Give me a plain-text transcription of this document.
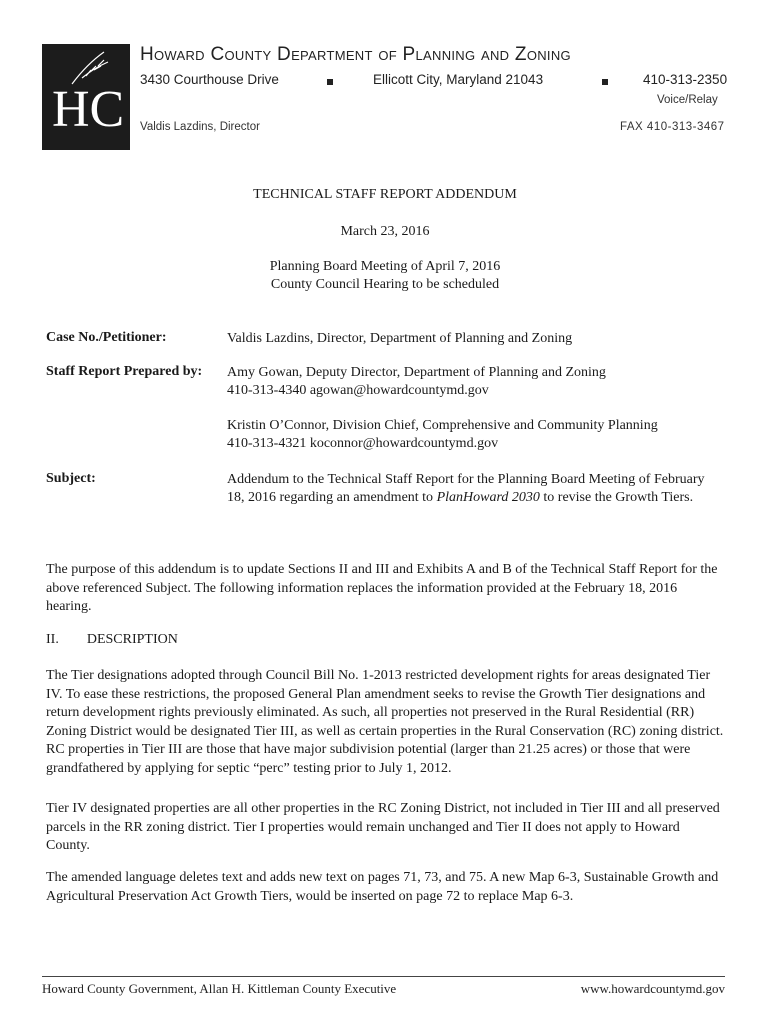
HC
Howard County Department of Planning and Zoning
3430 Courthouse Drive	Ellicott City, Maryland 21043	410-313-2350
Voice/Relay
Valdis Lazdins, Director	FAX 410-313-3467
TECHNICAL STAFF REPORT ADDENDUM
March 23, 2016
Planning Board Meeting of April 7, 2016
County Council Hearing to be scheduled
Case No./Petitioner:	Valdis Lazdins, Director, Department of Planning and Zoning
Staff Report Prepared by: Amy Gowan, Deputy Director, Department of Planning and Zoning
410-313-4340 agowan@howardcountymd.gov
Kristin O’Connor, Division Chief, Comprehensive and Community Planning
410-313-4321 koconnor@howardcountymd.gov
Subject:	Addendum to the Technical Staff Report for the Planning Board Meeting of February 18, 2016 regarding an amendment to PlanHoward 2030 to revise the Growth Tiers.
The purpose of this addendum is to update Sections II and III and Exhibits A and B of the Technical Staff Report for the above referenced Subject. The following information replaces the information provided at the February 18, 2016 hearing.
II. DESCRIPTION
The Tier designations adopted through Council Bill No. 1-2013 restricted development rights for areas designated Tier IV. To ease these restrictions, the proposed General Plan amendment seeks to revise the Growth Tier designations and return development rights previously eliminated. As such, all properties not preserved in the Rural Residential (RR) Zoning District would be designated Tier III, as well as certain properties in the Rural Conservation (RC) zoning district. RC properties in Tier III are those that have major subdivision potential (larger than 21.25 acres) or those that were grandfathered by applying for septic “perc” testing prior to July 1, 2012.
Tier IV designated properties are all other properties in the RC Zoning District, not included in Tier III and all preserved parcels in the RR zoning district. Tier I properties would remain unchanged and Tier II does not apply to Howard County.
The amended language deletes text and adds new text on pages 71, 73, and 75. A new Map 6-3, Sustainable Growth and Agricultural Preservation Act Growth Tiers, would be inserted on page 72 to replace Map 6-3.
Howard County Government, Allan H. Kittleman County Executive	www.howardcountymd.gov
